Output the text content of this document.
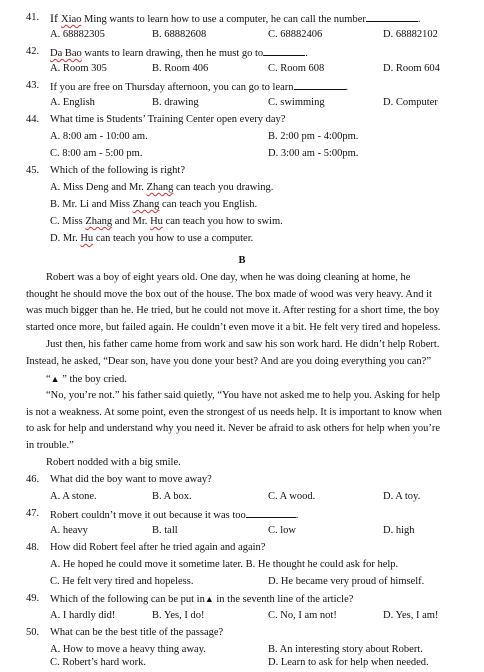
41. If Xiao Ming wants to learn how to use a computer, he can call the number	.
A. 68882305	B. 68882608	C. 68882406	D. 68882102
42. Da Bao wants to learn drawing, then he must go to	.
A. Room 305	B. Room 406	C. Room 608	D. Room 604
43. If you are free on Thursday afternoon, you can go to learn	.
A. English	B. drawing	C. swimming	D. Computer
44. What time is Students’ Training Center open every day?
A. 8:00 am - 10:00 am.	B. 2:00 pm - 4:00pm.
C. 8:00 am - 5:00 pm.	D. 3:00 am - 5:00pm.
45. Which of the following is right?
A. Miss Deng and Mr. Zhang can teach you drawing.
B. Mr. Li and Miss Zhang can teach you English.
C. Miss Zhang and Mr. Hu can teach you how to swim.
D. Mr. Hu can teach you how to use a computer.
B
Robert was a boy of eight years old. One day, when he was doing cleaning at home, he
thought he should move the box out of the house. The box made of wood was very heavy. And it
was much bigger than he. He tried, but he could not move it. After resting for a short time, the boy
started once more, but failed again. He couldn’t even move it a bit. He felt very tired and hopeless.
Just then, his father came home from work and saw his son work hard. He didn’t help Robert.
Instead, he asked, “Dear son, have you done your best? And are you doing everything you can?”
“▲ ” the boy cried.
“No, you’re not.” his father said quietly, “You have not asked me to help you. Asking for help
is not a weakness. At some point, even the strongest of us needs help. It is important to know when
to ask for help and understand why you need it. Never be afraid to ask others for help when you’re
in trouble.”
Robert nodded with a big smile.
46. What did the boy want to move away?
A. A stone.	B. A box.	C. A wood.	D. A toy.
47. Robert couldn’t move it out because it was too	.
A. heavy	B. tall	C. low	D. high
48. How did Robert feel after he tried again and again?
A. He hoped he could move it sometime later. B. He thought he could ask for help.
C. He felt very tired and hopeless.	D. He became very proud of himself.
49. Which of the following can be put in▲ in the seventh line of the article?
A. I hardly did!	B. Yes, I do!	C. No, I am not!	D. Yes, I am!
50. What can be the best title of the passage?
A. How to move a heavy thing away.	B. An interesting story about Robert.
C. Robert’s hard work.	D. Learn to ask for help when needed.
